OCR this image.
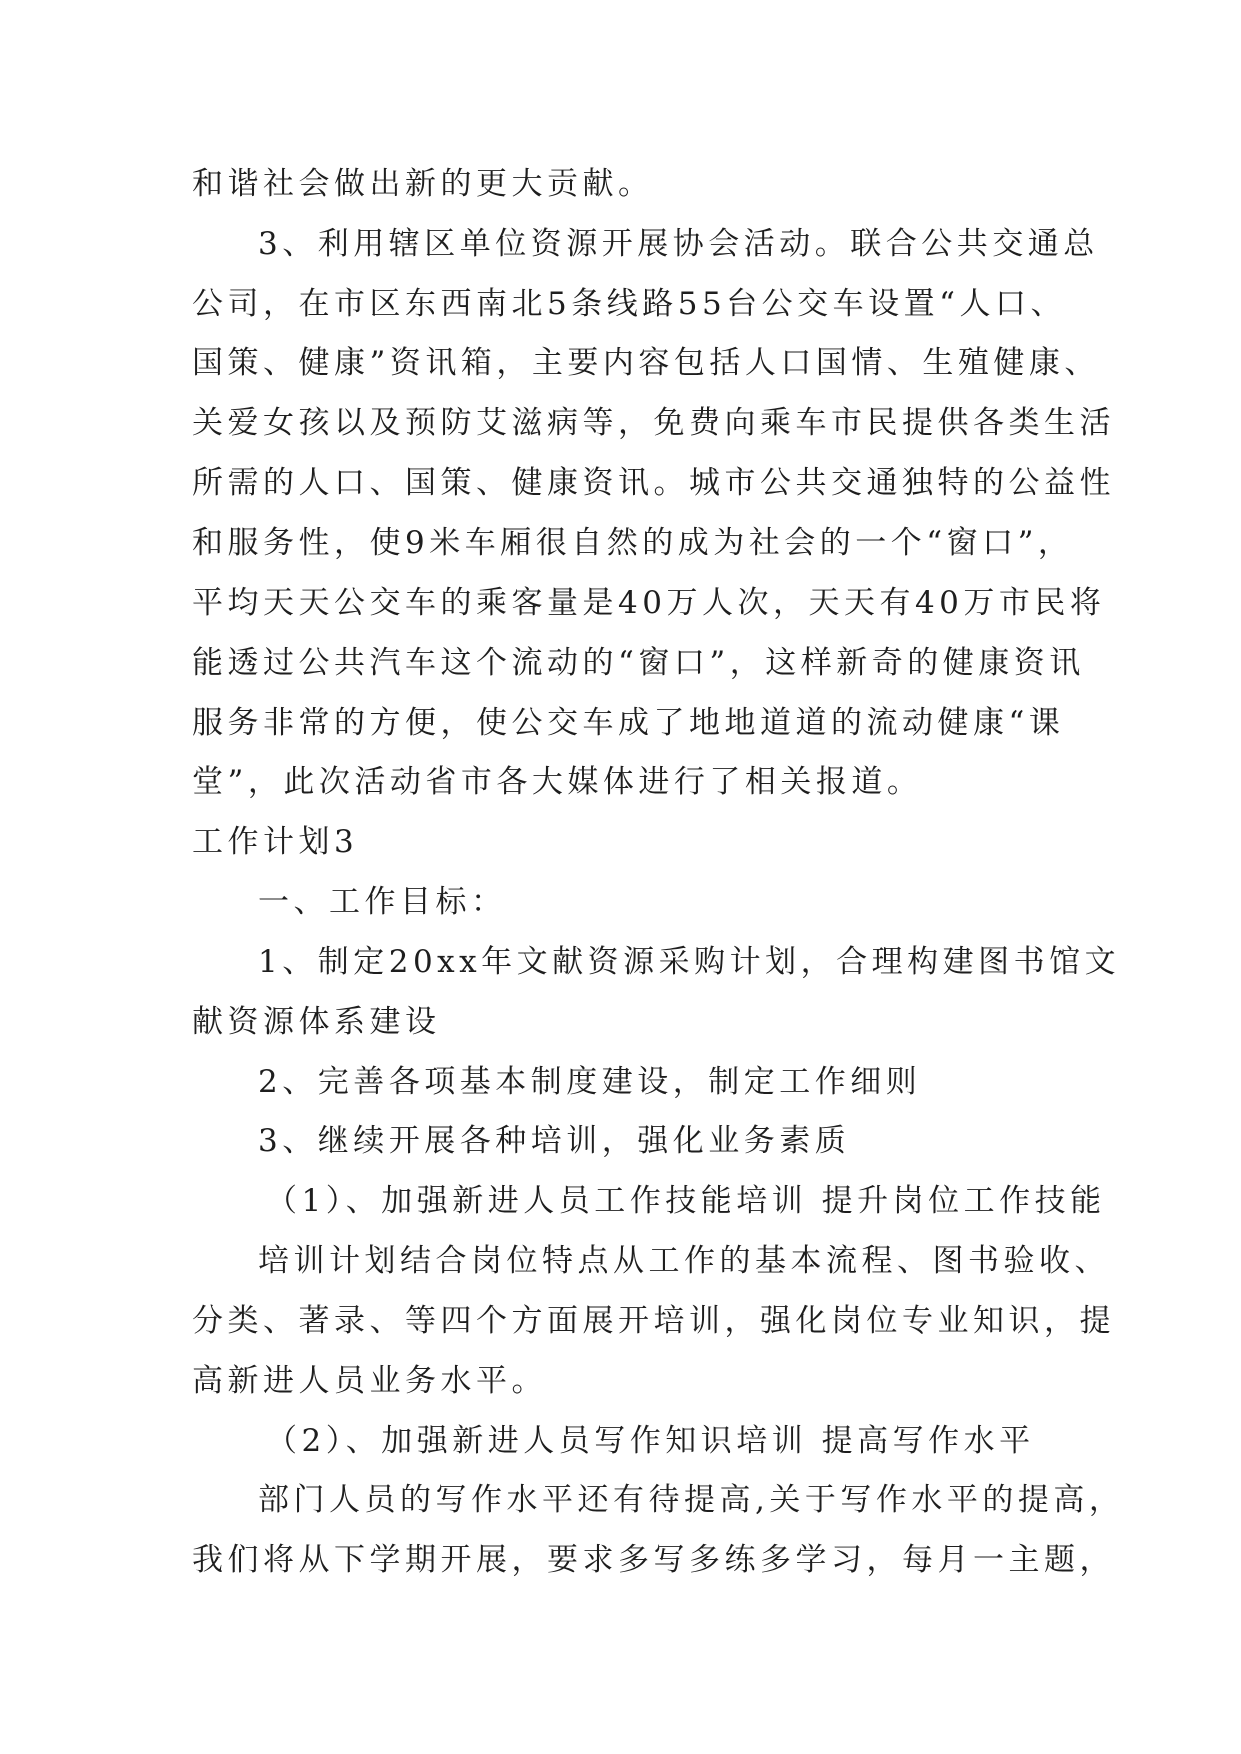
和谐社会做出新的更大贡献。
3、利用辖区单位资源开展协会活动。联合公共交通总
公司，在市区东西南北5条线路55台公交车设置“人口、
国策、健康”资讯箱，主要内容包括人口国情、生殖健康、
关爱女孩以及预防艾滋病等，免费向乘车市民提供各类生活
所需的人口、国策、健康资讯。城市公共交通独特的公益性
和服务性，使9米车厢很自然的成为社会的一个“窗口”，
平均天天公交车的乘客量是40万人次，天天有40万市民将
能透过公共汽车这个流动的“窗口”，这样新奇的健康资讯
服务非常的方便，使公交车成了地地道道的流动健康“课
堂”，此次活动省市各大媒体进行了相关报道。
工作计划3
一、工作目标：
1、制定20xx年文献资源采购计划，合理构建图书馆文
献资源体系建设
2、完善各项基本制度建设，制定工作细则
3、继续开展各种培训，强化业务素质
（1）、加强新进人员工作技能培训 提升岗位工作技能
培训计划结合岗位特点从工作的基本流程、图书验收、
分类、著录、等四个方面展开培训，强化岗位专业知识，提
高新进人员业务水平。
（2）、加强新进人员写作知识培训 提高写作水平
部门人员的写作水平还有待提高,关于写作水平的提高，
我们将从下学期开展，要求多写多练多学习，每月一主题，
